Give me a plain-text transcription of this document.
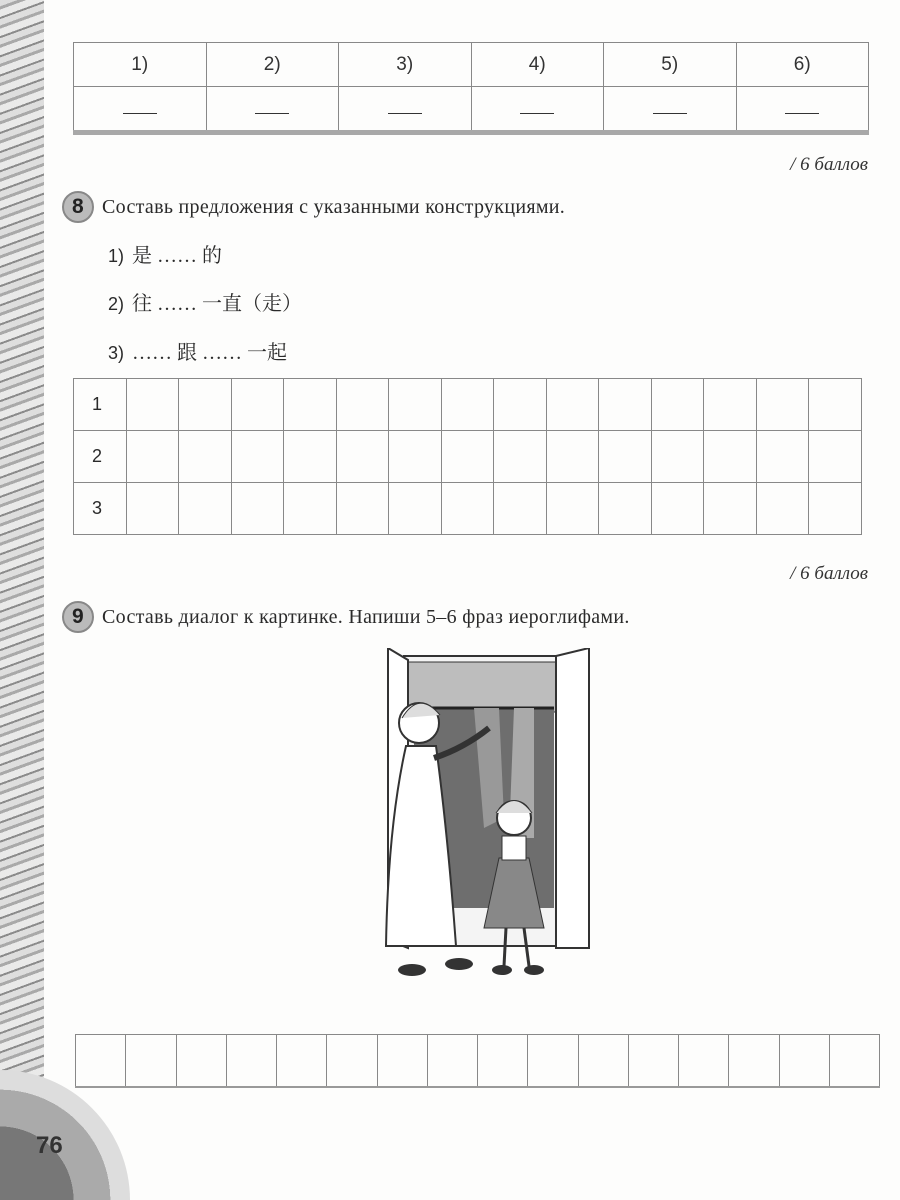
76
1)	2)	3)	4)	5)	6)

/ 6 баллов
8 Составь предложения с указанными конструкциями.
1) 是 …… 的
2) 往 …… 一直（走）
3) …… 跟 …… 一起
1														
2														
3														
/ 6 баллов
9 Составь диалог к картинке. Напиши 5–6 фраз иероглифами.
